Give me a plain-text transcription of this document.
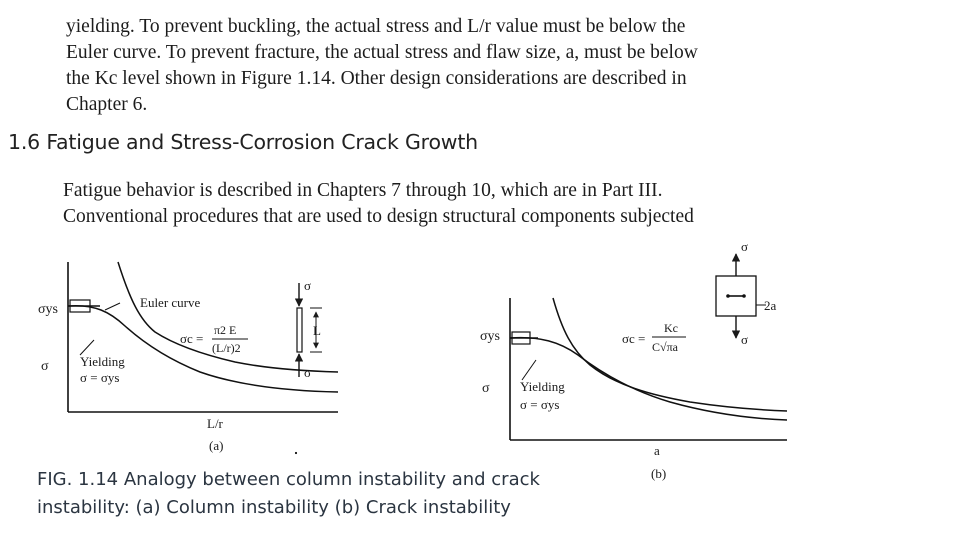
yielding. To prevent buckling, the actual stress and L/r value must be below the
Euler curve. To prevent fracture, the actual stress and flaw size, a, must be below
the Kc level shown in Figure 1.14. Other design considerations are described in
Chapter 6.
1.6 Fatigue and Stress-Corrosion Crack Growth
Fatigue behavior is described in Chapters 7 through 10, which are in Part III.
Conventional procedures that are used to design structural components subjected
σys
σ
Euler curve
Yielding
σ = σys
σc =
π2 E
(L/r)2
σ
L
σ
L/r
(a)
σys
σ Yielding
σ = σys
σc =
Kc
C√πa
σ
2a
σ
a
(b)
FIG. 1.14 Analogy between column instability and crack
instability: (a) Column instability (b) Crack instability
